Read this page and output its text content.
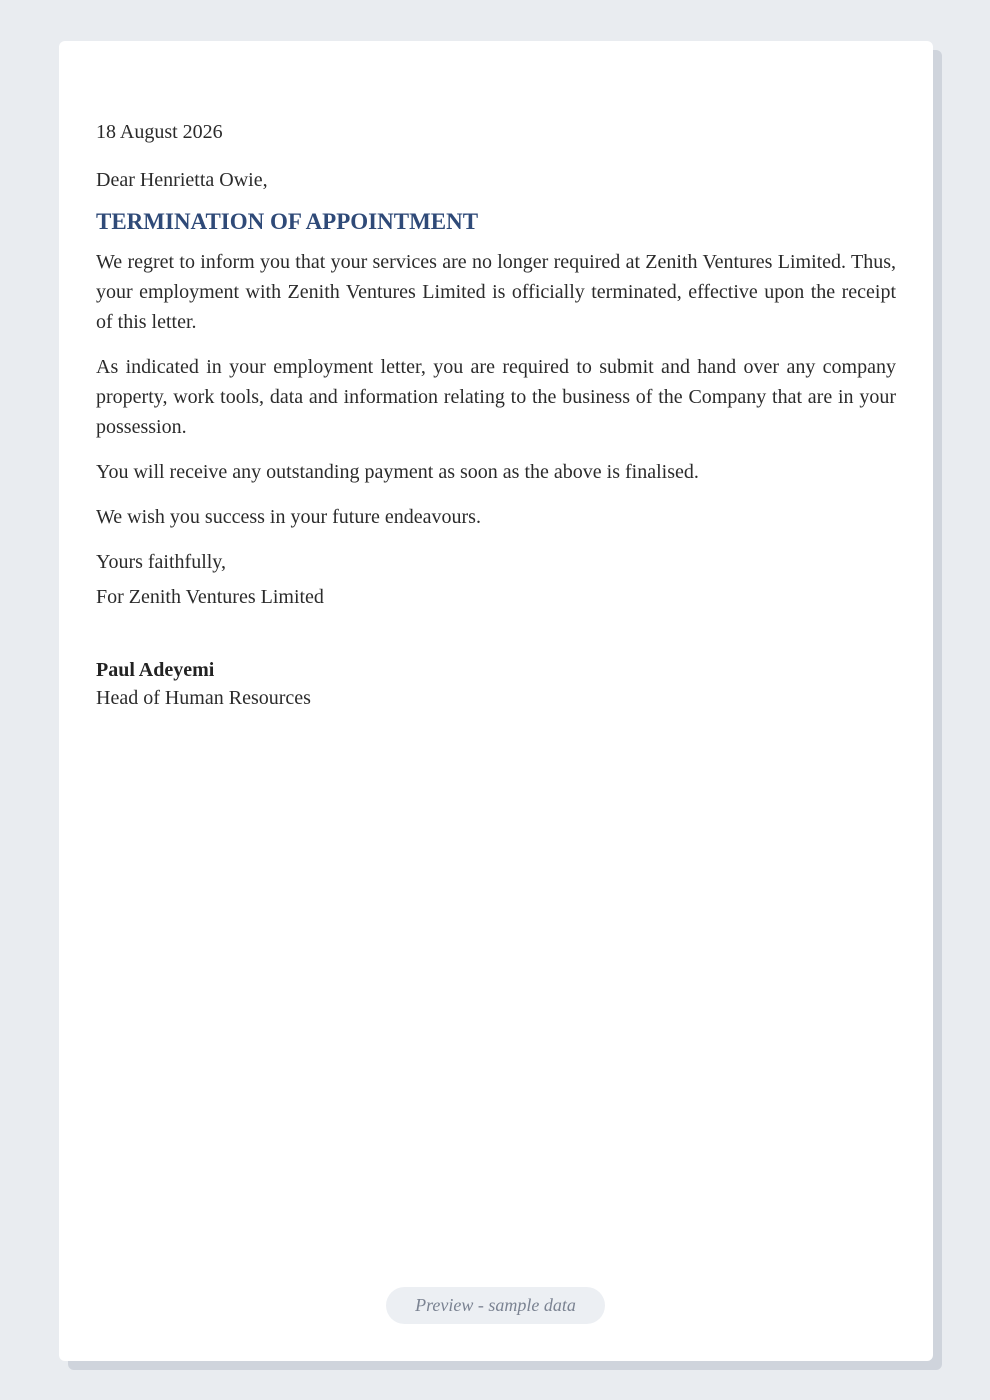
18 August 2026

Dear Henrietta Owie,

TERMINATION OF APPOINTMENT

We regret to inform you that your services are no longer required at Zenith Ventures Limited. Thus, your employment with Zenith Ventures Limited is officially terminated, effective upon the receipt of this letter.

As indicated in your employment letter, you are required to submit and hand over any company property, work tools, data and information relating to the business of the Company that are in your possession.

You will receive any outstanding payment as soon as the above is finalised.

We wish you success in your future endeavours.

Yours faithfully,

For Zenith Ventures Limited

Paul Adeyemi

Head of Human Resources

Preview - sample data
